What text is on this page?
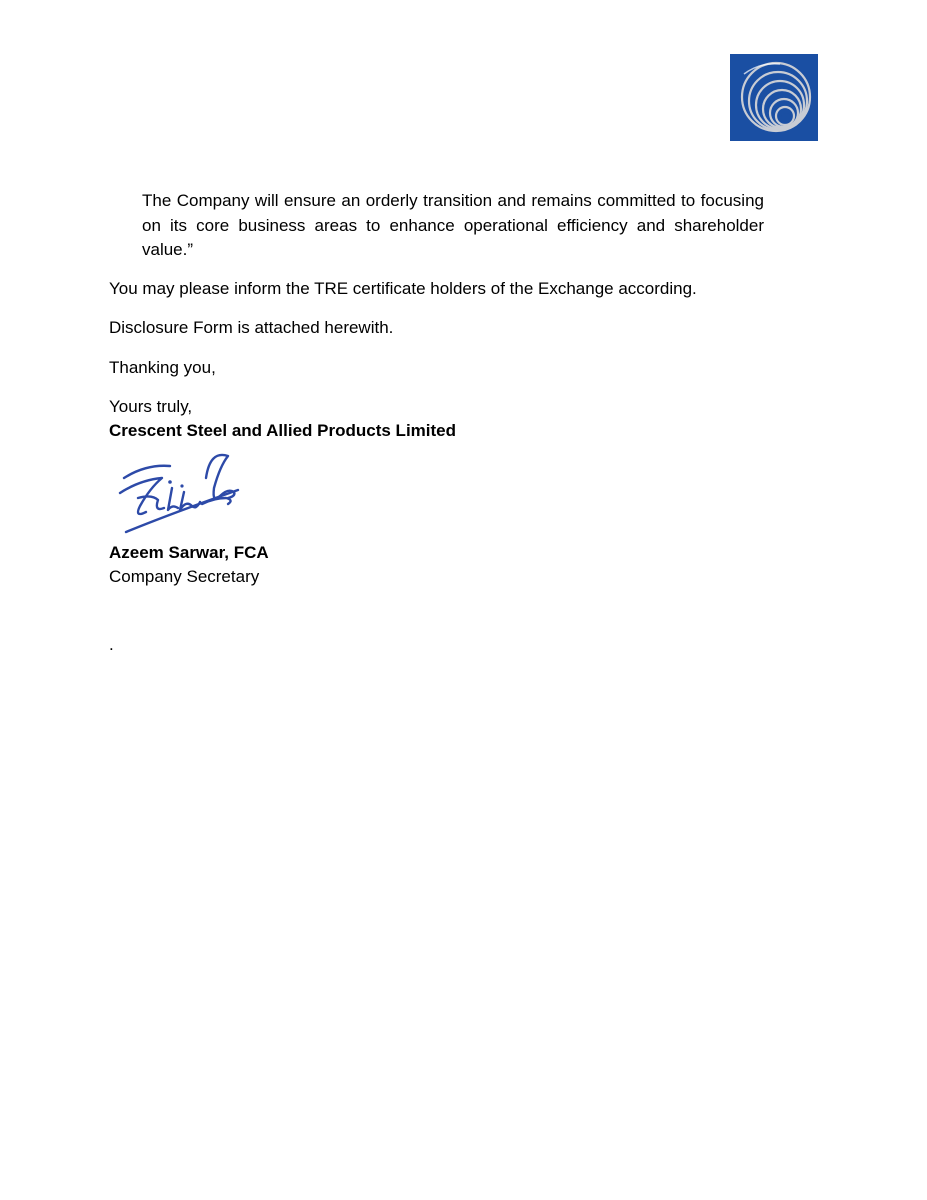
The Company will ensure an orderly transition and remains committed to focusing on its core business areas to enhance operational efficiency and shareholder value.”

You may please inform the TRE certificate holders of the Exchange according.

Disclosure Form is attached herewith.

Thanking you,

Yours truly,

Crescent Steel and Allied Products Limited

Azeem Sarwar, FCA

Company Secretary

.
